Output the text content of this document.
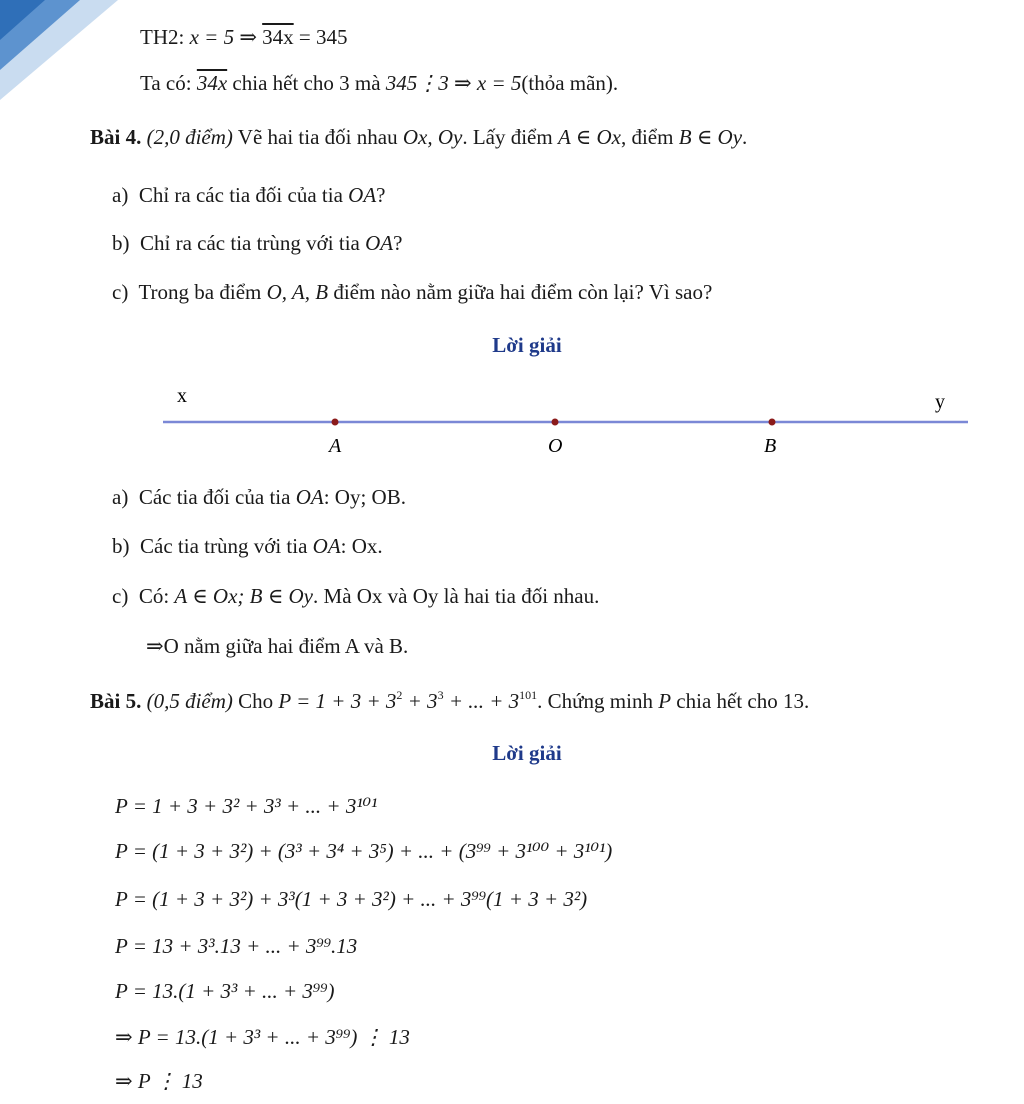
TH2: x = 5 ⇒ 34x = 345
Ta có: 34x chia hết cho 3 mà 345⋮3 ⇒ x = 5(thỏa mãn).
Bài 4. (2,0 điểm) Vẽ hai tia đối nhau Ox, Oy. Lấy điểm A ∈ Ox, điểm B ∈ Oy.
a) Chỉ ra các tia đối của tia OA?
b) Chỉ ra các tia trùng với tia OA?
c) Trong ba điểm O, A, B điểm nào nằm giữa hai điểm còn lại? Vì sao?
Lời giải
x	y
A	O	B
a) Các tia đối của tia OA: Oy; OB.
b) Các tia trùng với tia OA: Ox.
c) Có: A ∈ Ox; B ∈ Oy. Mà Ox và Oy là hai tia đối nhau.
⇒O nằm giữa hai điểm A và B.
Bài 5. (0,5 điểm) Cho $P = 1 + 3 + 3^2 + 3^3$ + ... + $3^{101}$. Chứng minh P chia hết cho 13.
Lời giải
P = 1 + 3 + 3² + 3³ + ... + 3¹⁰¹
P = (1 + 3 + 3²) + (3³ + 3⁴ + 3⁵) + ... + (3⁹⁹ + 3¹⁰⁰ + 3¹⁰¹)
P = (1 + 3 + 3²) + 3³(1 + 3 + 3²) + ... + 3⁹⁹(1 + 3 + 3²)
P = 13 + 3³.13 + ... + 3⁹⁹.13
P = 13.(1 + 3³ + ... + 3⁹⁹)
⇒ P = 13.(1 + 3³ + ... + 3⁹⁹) ⋮ 13
⇒ P ⋮ 13
